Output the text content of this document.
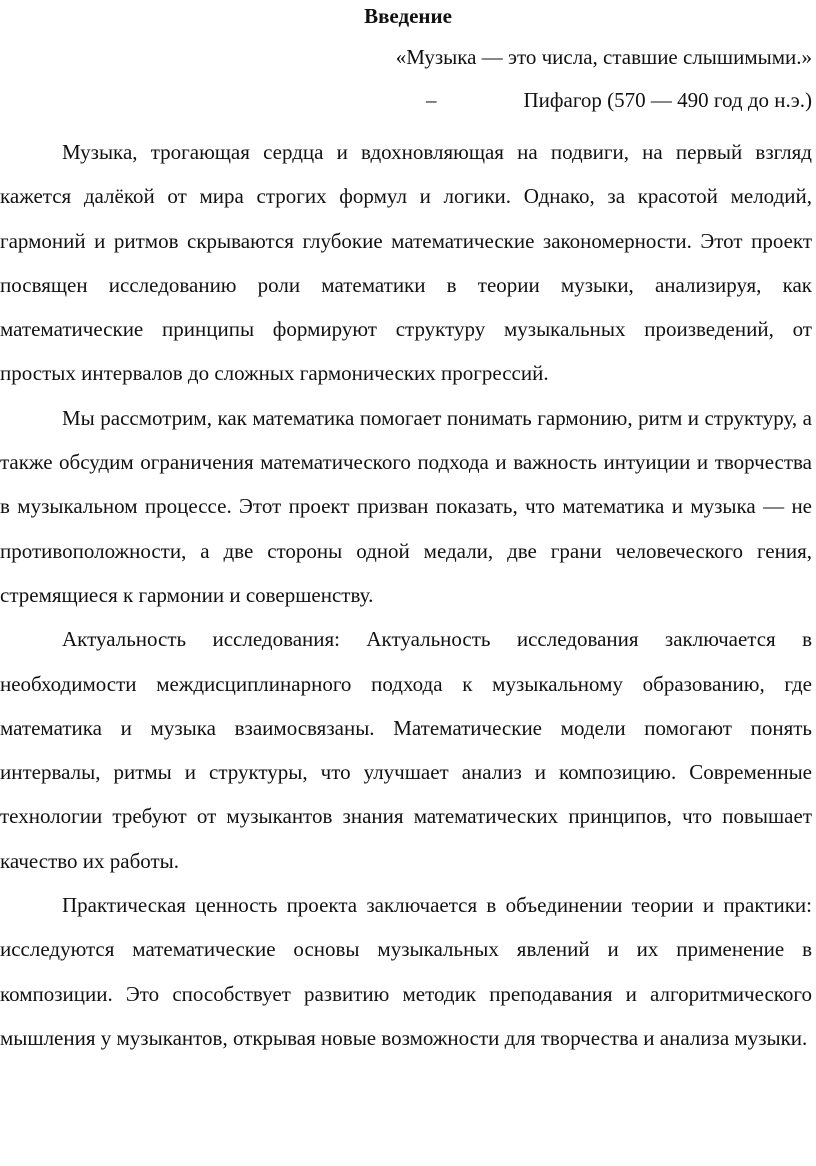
Введение
«Музыка — это числа, ставшие слышимыми.»
–	Пифагор (570 — 490 год до н.э.)

Музыка, трогающая сердца и вдохновляющая на подвиги, на первый взгляд кажется далёкой от мира строгих формул и логики. Однако, за красотой мелодий, гармоний и ритмов скрываются глубокие математические закономерности. Этот проект посвящен исследованию роли математики в теории музыки, анализируя, как математические принципы формируют структуру музыкальных произведений, от простых интервалов до сложных гармонических прогрессий.

Мы рассмотрим, как математика помогает понимать гармонию, ритм и структуру, а также обсудим ограничения математического подхода и важность интуиции и творчества в музыкальном процессе. Этот проект призван показать, что математика и музыка — не противоположности, а две стороны одной медали, две грани человеческого гения, стремящиеся к гармонии и совершенству.

Актуальность исследования: Актуальность исследования заключается в необходимости междисциплинарного подхода к музыкальному образованию, где математика и музыка взаимосвязаны. Математические модели помогают понять интервалы, ритмы и структуры, что улучшает анализ и композицию. Современные технологии требуют от музыкантов знания математических принципов, что повышает качество их работы.

Практическая ценность проекта заключается в объединении теории и практики: исследуются математические основы музыкальных явлений и их применение в композиции. Это способствует развитию методик преподавания и алгоритмического мышления у музыкантов, открывая новые возможности для творчества и анализа музыки.
